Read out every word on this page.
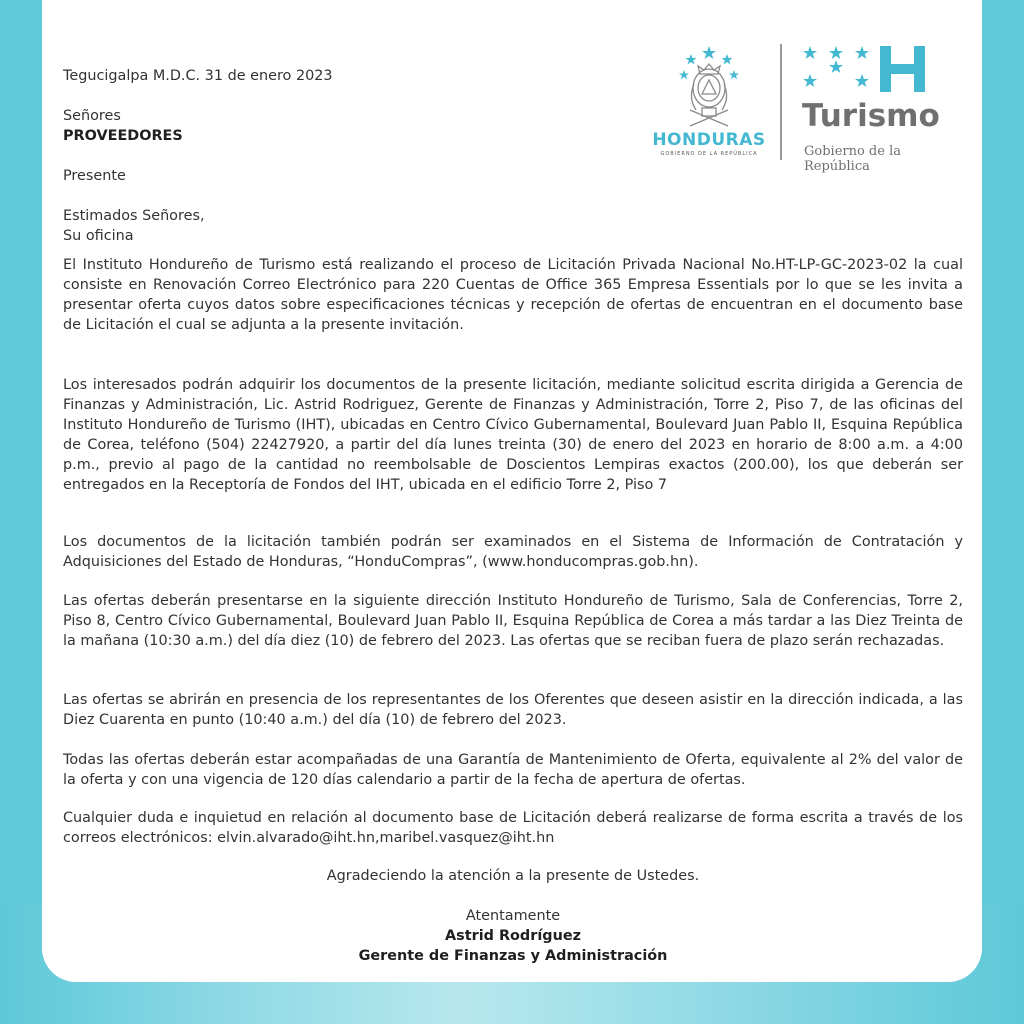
HONDURAS
GOBIERNO DE LA REPÚBLICA
Turismo
Gobierno de la República
Tegucigalpa M.D.C. 31 de enero 2023
Señores
PROVEEDORES
Presente
Estimados Señores,
Su oficina
El Instituto Hondureño de Turismo está realizando el proceso de Licitación Privada Nacional No.HT-LP-GC-2023-02 la cual consiste en Renovación Correo Electrónico para 220 Cuentas de Office 365 Empresa Essentials por lo que se les invita a presentar oferta cuyos datos sobre especificaciones técnicas y recepción de ofertas de encuentran en el documento base de Licitación el cual se adjunta a la presente invitación.
Los interesados podrán adquirir los documentos de la presente licitación, mediante solicitud escrita dirigida a Gerencia de Finanzas y Administración, Lic. Astrid Rodriguez, Gerente de Finanzas y Administración, Torre 2, Piso 7, de las oficinas del Instituto Hondureño de Turismo (IHT), ubicadas en Centro Cívico Gubernamental, Boulevard Juan Pablo II, Esquina República de Corea, teléfono (504) 22427920, a partir del día lunes treinta (30) de enero del 2023 en horario de 8:00 a.m. a 4:00 p.m., previo al pago de la cantidad no reembolsable de Doscientos Lempiras exactos (200.00), los que deberán ser entregados en la Receptoría de Fondos del IHT, ubicada en el edificio Torre 2, Piso 7
Los documentos de la licitación también podrán ser examinados en el Sistema de Información de Contratación y Adquisiciones del Estado de Honduras, “HonduCompras”, (www.honducompras.gob.hn).
Las ofertas deberán presentarse en la siguiente dirección Instituto Hondureño de Turismo, Sala de Conferencias, Torre 2, Piso 8, Centro Cívico Gubernamental, Boulevard Juan Pablo II, Esquina República de Corea a más tardar a las Diez Treinta de la mañana (10:30 a.m.) del día diez (10) de febrero del 2023. Las ofertas que se reciban fuera de plazo serán rechazadas.
Las ofertas se abrirán en presencia de los representantes de los Oferentes que deseen asistir en la dirección indicada, a las Diez Cuarenta en punto (10:40 a.m.) del día (10) de febrero del 2023.
Todas las ofertas deberán estar acompañadas de una Garantía de Mantenimiento de Oferta, equivalente al 2% del valor de la oferta y con una vigencia de 120 días calendario a partir de la fecha de apertura de ofertas.
Cualquier duda e inquietud en relación al documento base de Licitación deberá realizarse de forma escrita a través de los correos electrónicos: elvin.alvarado@iht.hn,maribel.vasquez@iht.hn
Agradeciendo la atención a la presente de Ustedes.
Atentamente
Astrid Rodríguez
Gerente de Finanzas y Administración
